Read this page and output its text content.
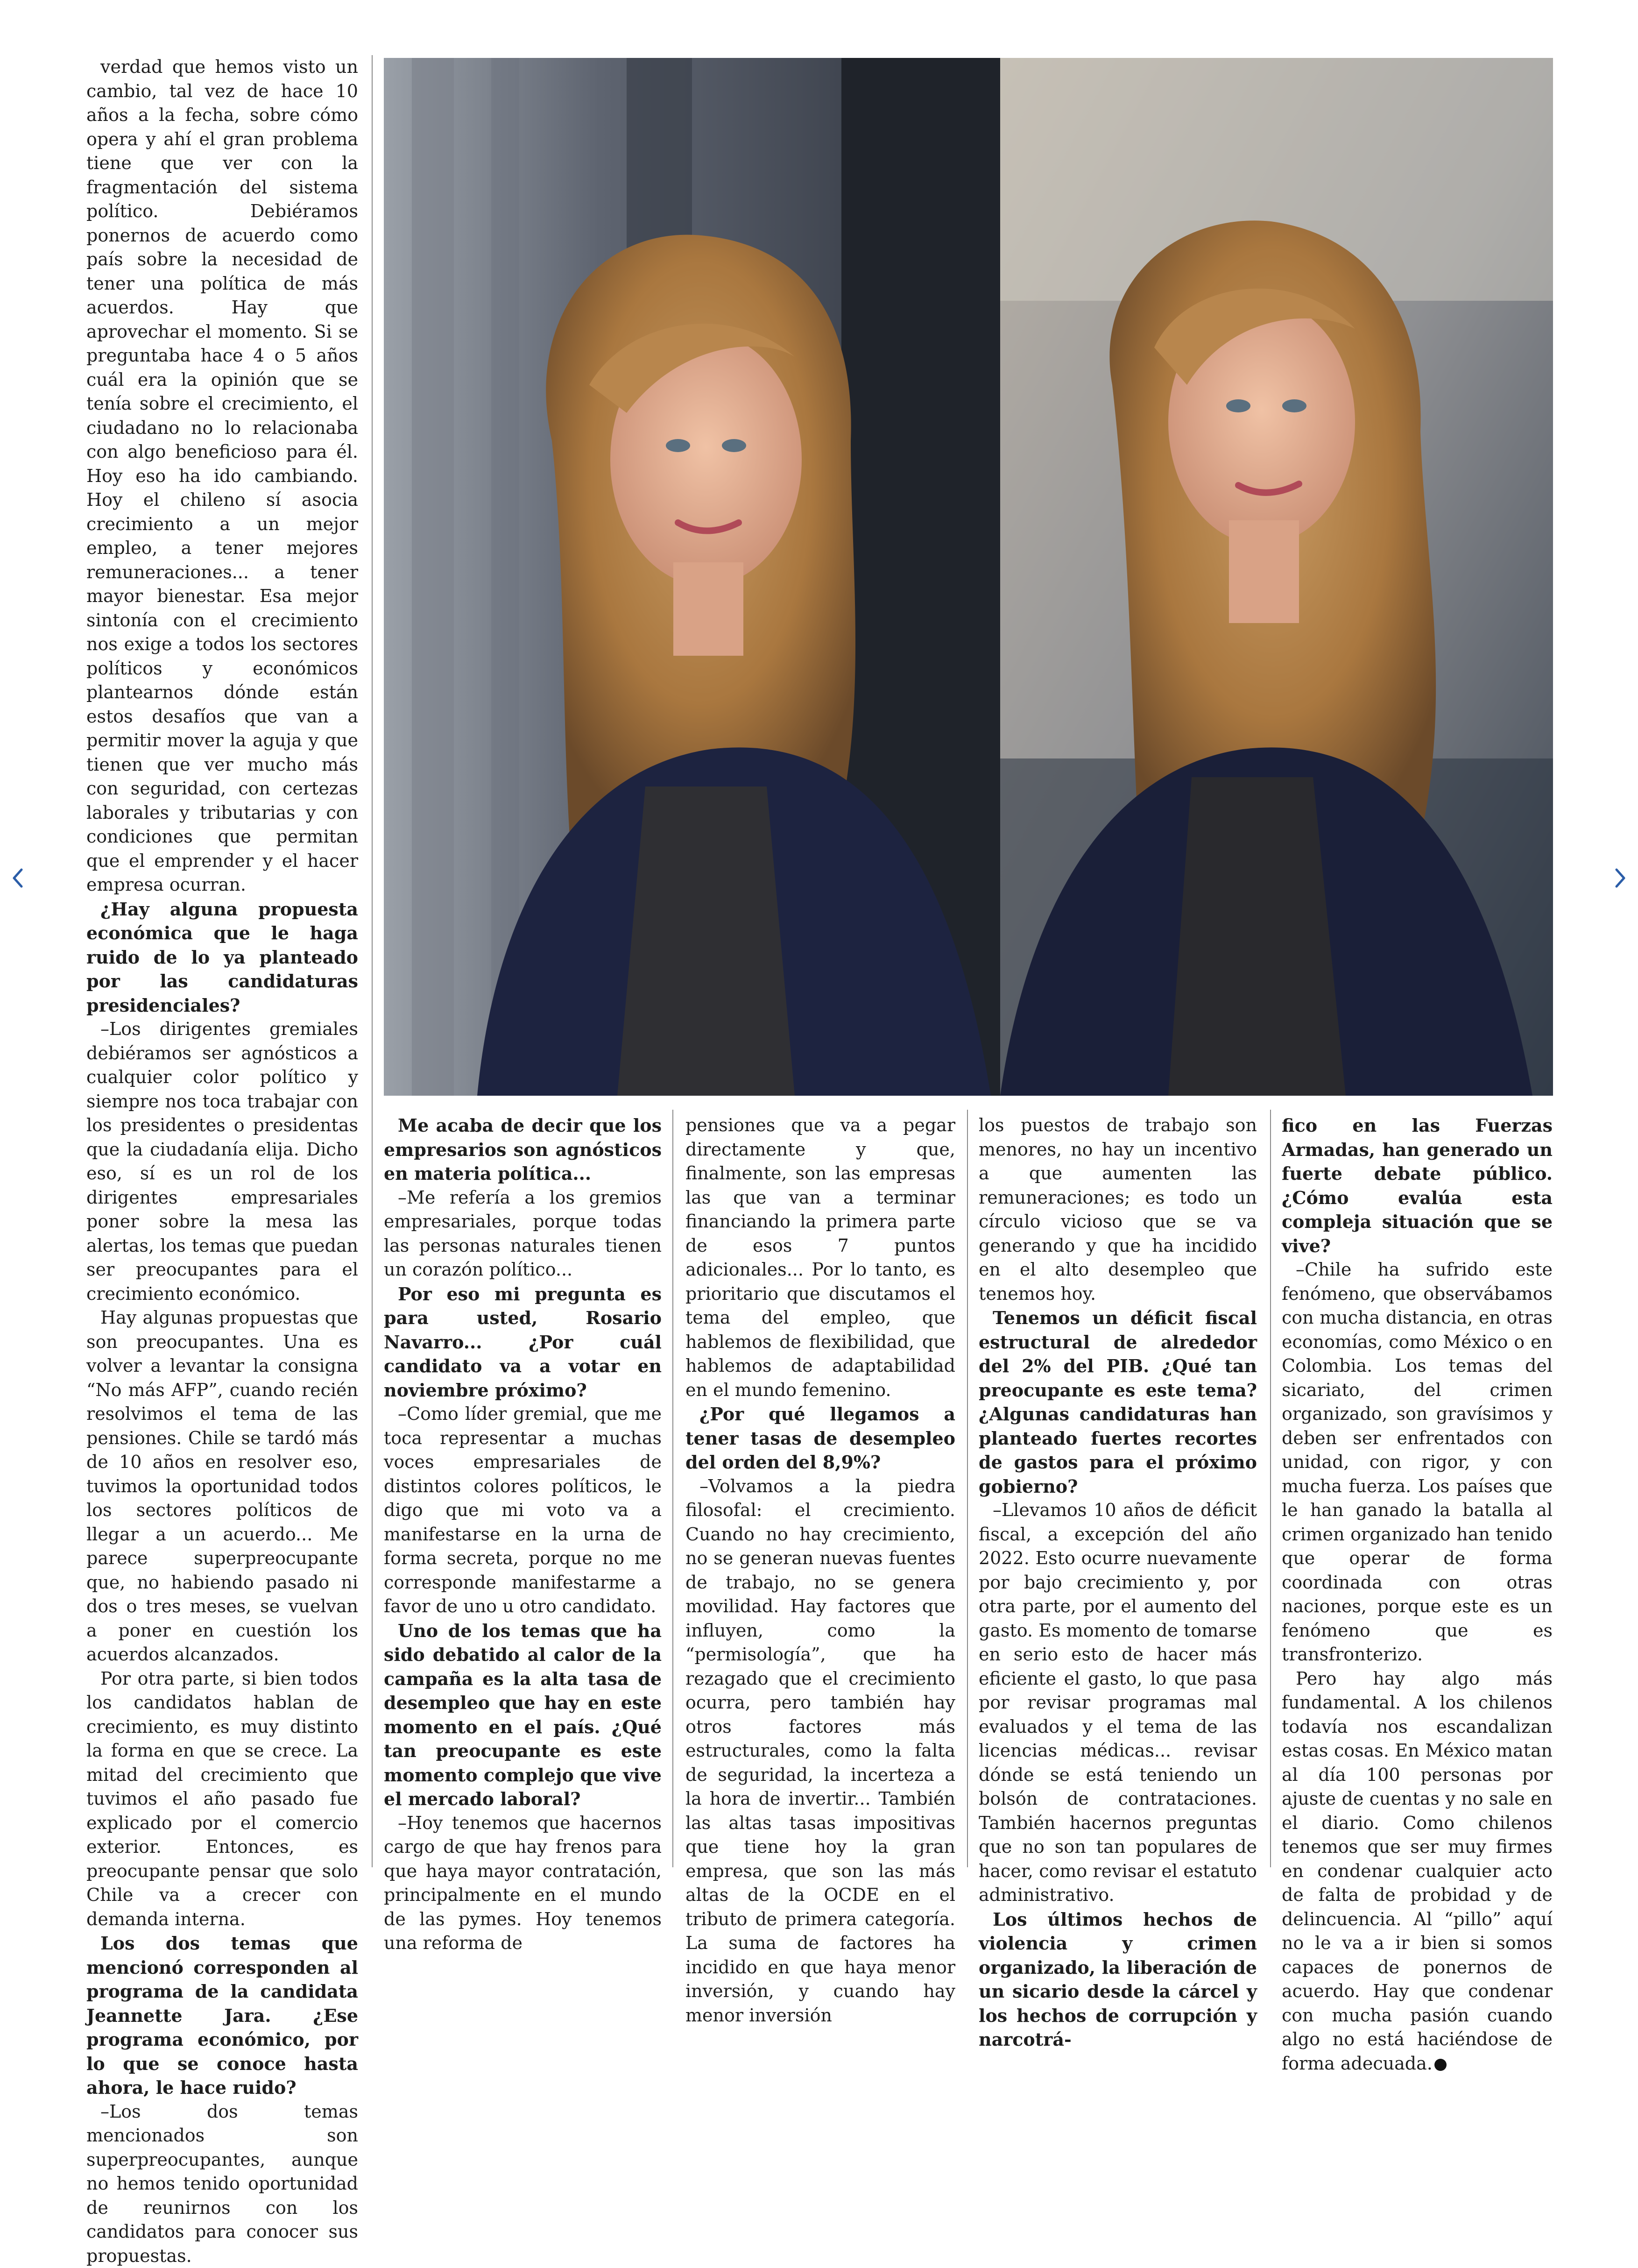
verdad que hemos visto un cambio, tal vez de hace 10 años a la fecha, sobre cómo opera y ahí el gran problema tiene que ver con la fragmentación del sistema político. Debiéramos ponernos de acuerdo como país sobre la necesidad de tener una política de más acuerdos. Hay que aprovechar el momento. Si se preguntaba hace 4 o 5 años cuál era la opinión que se tenía sobre el crecimiento, el ciudadano no lo relacionaba con algo beneficioso para él. Hoy eso ha ido cambiando. Hoy el chileno sí asocia crecimiento a un mejor empleo, a tener mejores remuneraciones... a tener mayor bienestar. Esa mejor sintonía con el crecimiento nos exige a todos los sectores políticos y económicos plantearnos dónde están estos desafíos que van a permitir mover la aguja y que tienen que ver mucho más con seguridad, con certezas laborales y tributarias y con condiciones que permitan que el emprender y el hacer empresa ocurran.

¿Hay alguna propuesta económica que le haga ruido de lo ya planteado por las candidaturas presidenciales?

–Los dirigentes gremiales debiéramos ser agnósticos a cualquier color político y siempre nos toca trabajar con los presidentes o presidentas que la ciudadanía elija. Dicho eso, sí es un rol de los dirigentes empresariales poner sobre la mesa las alertas, los temas que puedan ser preocupantes para el crecimiento económico.

Hay algunas propuestas que son preocupantes. Una es volver a levantar la consigna “No más AFP”, cuando recién resolvimos el tema de las pensiones. Chile se tardó más de 10 años en resolver eso, tuvimos la oportunidad todos los sectores políticos de llegar a un acuerdo... Me parece superpreocupante que, no habiendo pasado ni dos o tres meses, se vuelvan a poner en cuestión los acuerdos alcanzados.

Por otra parte, si bien todos los candidatos hablan de crecimiento, es muy distinto la forma en que se crece. La mitad del crecimiento que tuvimos el año pasado fue explicado por el comercio exterior. Entonces, es preocupante pensar que solo Chile va a crecer con demanda interna.

Los dos temas que mencionó corresponden al programa de la candidata Jeannette Jara. ¿Ese programa económico, por lo que se conoce hasta ahora, le hace ruido?

–Los dos temas mencionados son superpreocupantes, aunque no hemos tenido oportunidad de reunirnos con los candidatos para conocer sus propuestas.

Me acaba de decir que los empresarios son agnósticos en materia política...

–Me refería a los gremios empresariales, porque todas las personas naturales tienen un corazón político...

Por eso mi pregunta es para usted, Rosario Navarro... ¿Por cuál candidato va a votar en noviembre próximo?

–Como líder gremial, que me toca representar a muchas voces empresariales de distintos colores políticos, le digo que mi voto va a manifestarse en la urna de forma secreta, porque no me corresponde manifestarme a favor de uno u otro candidato.

Uno de los temas que ha sido debatido al calor de la campaña es la alta tasa de desempleo que hay en este momento en el país. ¿Qué tan preocupante es este momento complejo que vive el mercado laboral?

–Hoy tenemos que hacernos cargo de que hay frenos para que haya mayor contratación, principalmente en el mundo de las pymes. Hoy tenemos una reforma de

pensiones que va a pegar directamente y que, finalmente, son las empresas las que van a terminar financiando la primera parte de esos 7 puntos adicionales... Por lo tanto, es prioritario que discutamos el tema del empleo, que hablemos de flexibilidad, que hablemos de adaptabilidad en el mundo femenino.

¿Por qué llegamos a tener tasas de desempleo del orden del 8,9%?

–Volvamos a la piedra filosofal: el crecimiento. Cuando no hay crecimiento, no se generan nuevas fuentes de trabajo, no se genera movilidad. Hay factores que influyen, como la “permisología”, que ha rezagado que el crecimiento ocurra, pero también hay otros factores más estructurales, como la falta de seguridad, la incerteza a la hora de invertir... También las altas tasas impositivas que tiene hoy la gran empresa, que son las más altas de la OCDE en el tributo de primera categoría. La suma de factores ha incidido en que haya menor inversión, y cuando hay menor inversión

los puestos de trabajo son menores, no hay un incentivo a que aumenten las remuneraciones; es todo un círculo vicioso que se va generando y que ha incidido en el alto desempleo que tenemos hoy.

Tenemos un déficit fiscal estructural de alrededor del 2% del PIB. ¿Qué tan preocupante es este tema? ¿Algunas candidaturas han planteado fuertes recortes de gastos para el próximo gobierno?

–Llevamos 10 años de déficit fiscal, a excepción del año 2022. Esto ocurre nuevamente por bajo crecimiento y, por otra parte, por el aumento del gasto. Es momento de tomarse en serio esto de hacer más eficiente el gasto, lo que pasa por revisar programas mal evaluados y el tema de las licencias médicas... revisar dónde se está teniendo un bolsón de contrataciones. También hacernos preguntas que no son tan populares de hacer, como revisar el estatuto administrativo.

Los últimos hechos de violencia y crimen organizado, la liberación de un sicario desde la cárcel y los hechos de corrupción y narcotrá-

fico en las Fuerzas Armadas, han generado un fuerte debate público. ¿Cómo evalúa esta compleja situación que se vive?

–Chile ha sufrido este fenómeno, que observábamos con mucha distancia, en otras economías, como México o en Colombia. Los temas del sicariato, del crimen organizado, son gravísimos y deben ser enfrentados con unidad, con rigor, y con mucha fuerza. Los países que le han ganado la batalla al crimen organizado han tenido que operar de forma coordinada con otras naciones, porque este es un fenómeno que es transfronterizo.

Pero hay algo más fundamental. A los chilenos todavía nos escandalizan estas cosas. En México matan al día 100 personas por ajuste de cuentas y no sale en el diario. Como chilenos tenemos que ser muy firmes en condenar cualquier acto de falta de probidad y de delincuencia. Al “pillo” aquí no le va a ir bien si somos capaces de ponernos de acuerdo. Hay que condenar con mucha pasión cuando algo no está haciéndose de forma adecuada. P
